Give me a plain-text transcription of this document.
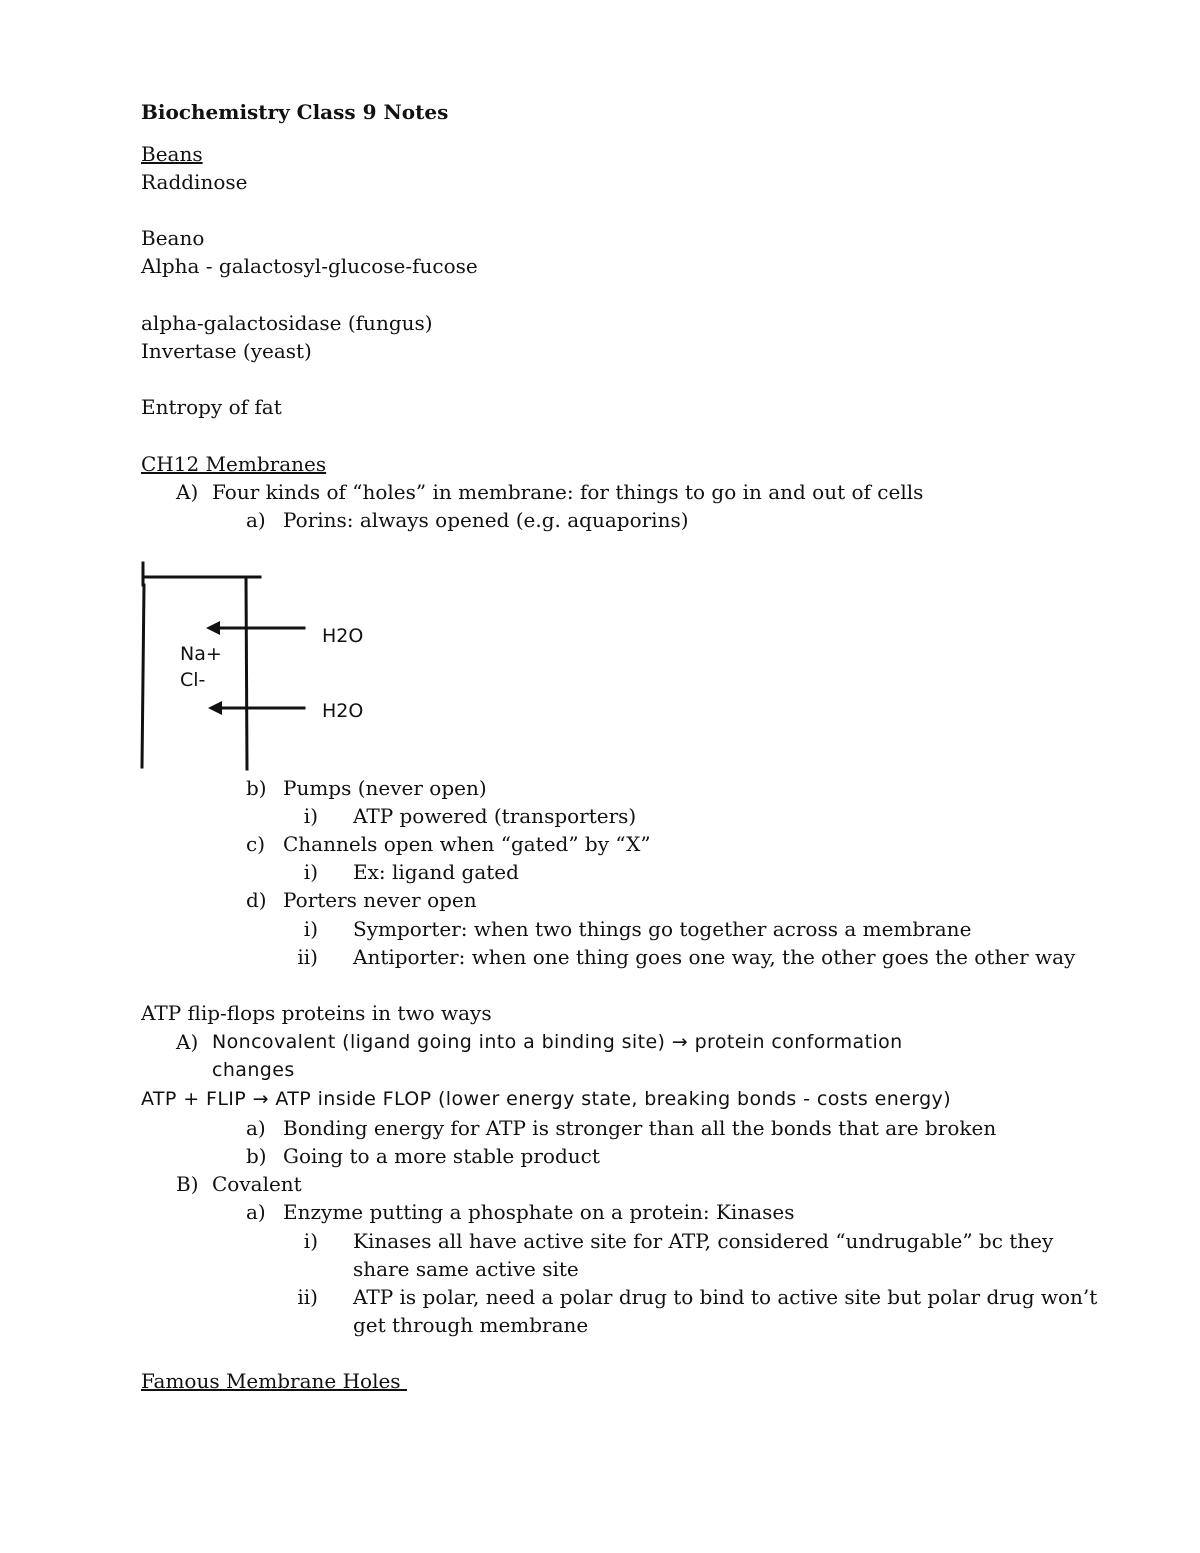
Biochemistry Class 9 Notes
Beans
Raddinose
Beano
Alpha - galactosyl-glucose-fucose
alpha-galactosidase (fungus)
Invertase (yeast)
Entropy of fat
CH12 Membranes
A) Four kinds of “holes” in membrane: for things to go in and out of cells
a) Porins: always opened (e.g. aquaporins)
H2O
Na+
Cl-
H2O
b) Pumps (never open)
i) ATP powered (transporters)
c) Channels open when “gated” by “X”
i) Ex: ligand gated
d) Porters never open
i) Symporter: when two things go together across a membrane
ii) Antiporter: when one thing goes one way, the other goes the other way
ATP flip-flops proteins in two ways
A) Noncovalent (ligand going into a binding site) → protein conformation
changes
ATP + FLIP → ATP inside FLOP (lower energy state, breaking bonds - costs energy)
a) Bonding energy for ATP is stronger than all the bonds that are broken
b) Going to a more stable product
B) Covalent
a) Enzyme putting a phosphate on a protein: Kinases
i) Kinases all have active site for ATP, considered “undrugable” bc they
share same active site
ii) ATP is polar, need a polar drug to bind to active site but polar drug won’t
get through membrane
Famous Membrane Holes
